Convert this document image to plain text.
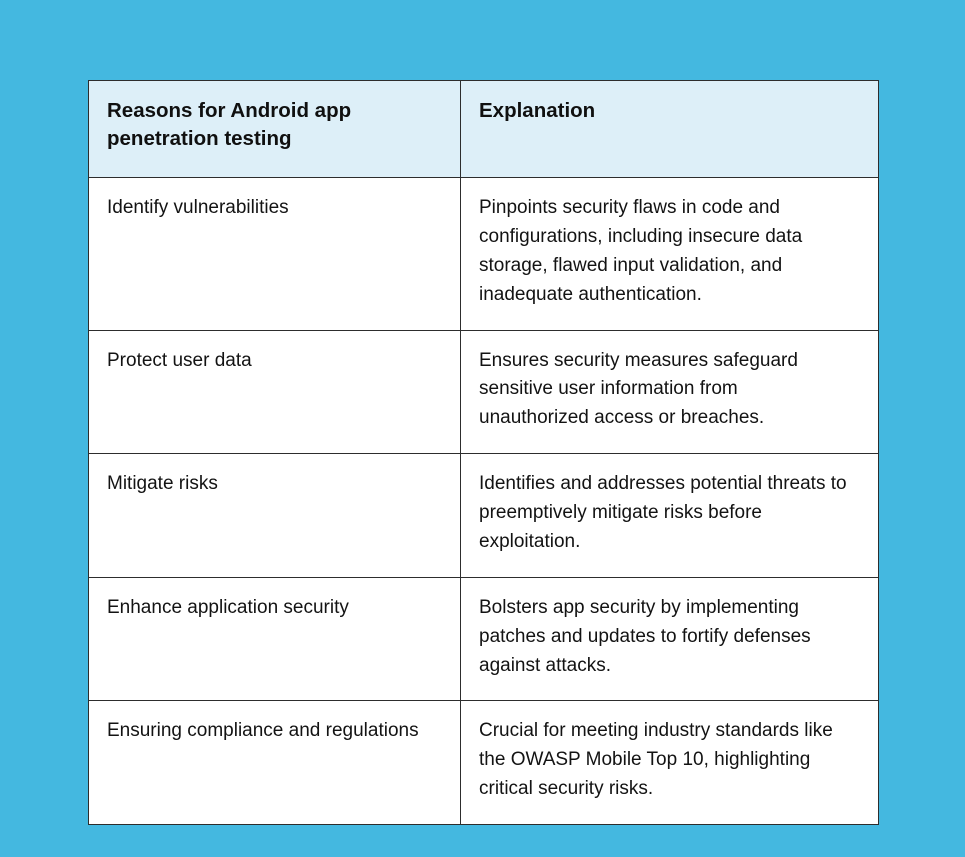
Reasons for Android app penetration testing	Explanation
Identify vulnerabilities	Pinpoints security flaws in code and configurations, including insecure data storage, flawed input validation, and inadequate authentication.
Protect user data	Ensures security measures safeguard sensitive user information from unauthorized access or breaches.
Mitigate risks	Identifies and addresses potential threats to preemptively mitigate risks before exploitation.
Enhance application security	Bolsters app security by implementing patches and updates to fortify defenses against attacks.
Ensuring compliance and regulations	Crucial for meeting industry standards like the OWASP Mobile Top 10, highlighting critical security risks.
